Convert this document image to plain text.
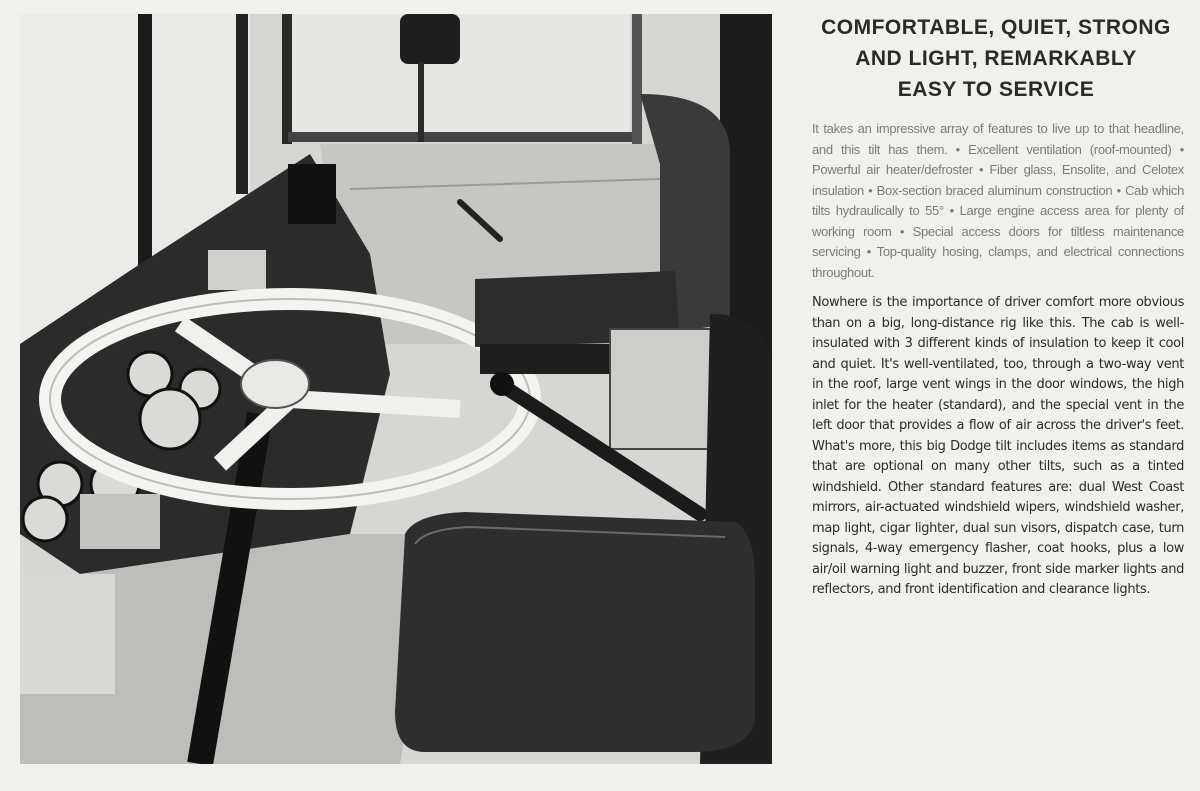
COMFORTABLE, QUIET, STRONG
AND LIGHT, REMARKABLY
EASY TO SERVICE

It takes an impressive array of features to live up to that headline, and this tilt has them. • Excellent ventilation (roof-mounted) • Powerful air heater/defroster • Fiber glass, Ensolite, and Celotex insulation • Box-section braced aluminum construction • Cab which tilts hydraulically to 55° • Large engine access area for plenty of working room • Special access doors for tiltless maintenance servicing • Top-quality hosing, clamps, and electrical connections throughout.

Nowhere is the importance of driver comfort more obvious than on a big, long-distance rig like this. The cab is well-insulated with 3 different kinds of insulation to keep it cool and quiet. It's well-ventilated, too, through a two-way vent in the roof, large vent wings in the door windows, the high inlet for the heater (standard), and the special vent in the left door that provides a flow of air across the driver's feet. What's more, this big Dodge tilt includes items as standard that are optional on many other tilts, such as a tinted windshield. Other standard features are: dual West Coast mirrors, air-actuated windshield wipers, windshield washer, map light, cigar lighter, dual sun visors, dispatch case, turn signals, 4-way emergency flasher, coat hooks, plus a low air/oil warning light and buzzer, front side marker lights and reflectors, and front identification and clearance lights.
